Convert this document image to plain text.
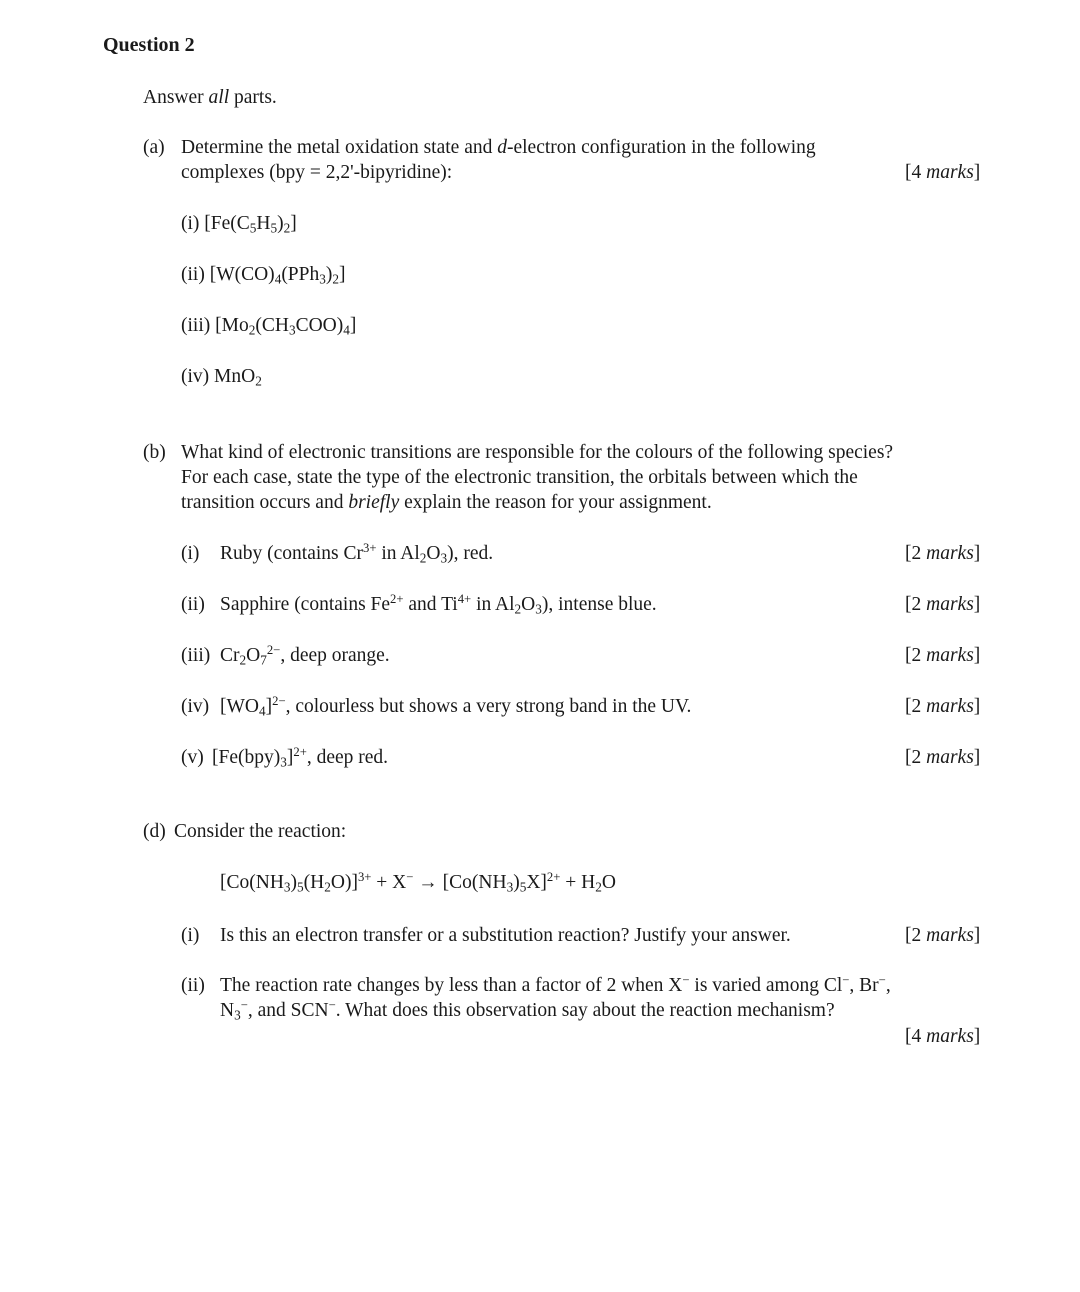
Question 2
Answer all parts.
(a) Determine the metal oxidation state and d-electron configuration in the following
complexes (bpy = 2,2'-bipyridine):	[4 marks]
(i) $[Fe(C_5H_5)_2]$
(ii) $[W(CO)_4(PPh_3)_2]$
(iii) $[Mo_2(CH_3COO)_4]$
(iv) MnO$_2$
(b) What kind of electronic transitions are responsible for the colours of the following species?
For each case, state the type of the electronic transition, the orbitals between which the
transition occurs and briefly explain the reason for your assignment.
(i) Ruby (contains $Cr^{3+}$ in $Al_2O_3$), red.	[2 marks]
(ii) Sapphire (contains $Fe^{2+}$ and $Ti^{4+}$ in $Al_2O_3$), intense blue.	[2 marks]
(iii) $Cr_2O_7^{2-}$, deep orange.	[2 marks]
(iv) $[WO_4]^{2-}$, colourless but shows a very strong band in the UV.	[2 marks]
(v) $[Fe(bpy)_3]^{2+}$, deep red.	[2 marks]
(d) Consider the reaction:
$[Co(NH_3)_5(H_2O)]^{3+} + X^- \to [Co(NH_3)_5X]^{2+} + H_2O$
(i) Is this an electron transfer or a substitution reaction? Justify your answer.	[2 marks]
(ii) The reaction rate changes by less than a factor of 2 when X− is varied among Cl−, Br−,
$N_3^-$, and SCN−. What does this observation say about the reaction mechanism?
[4 marks]
